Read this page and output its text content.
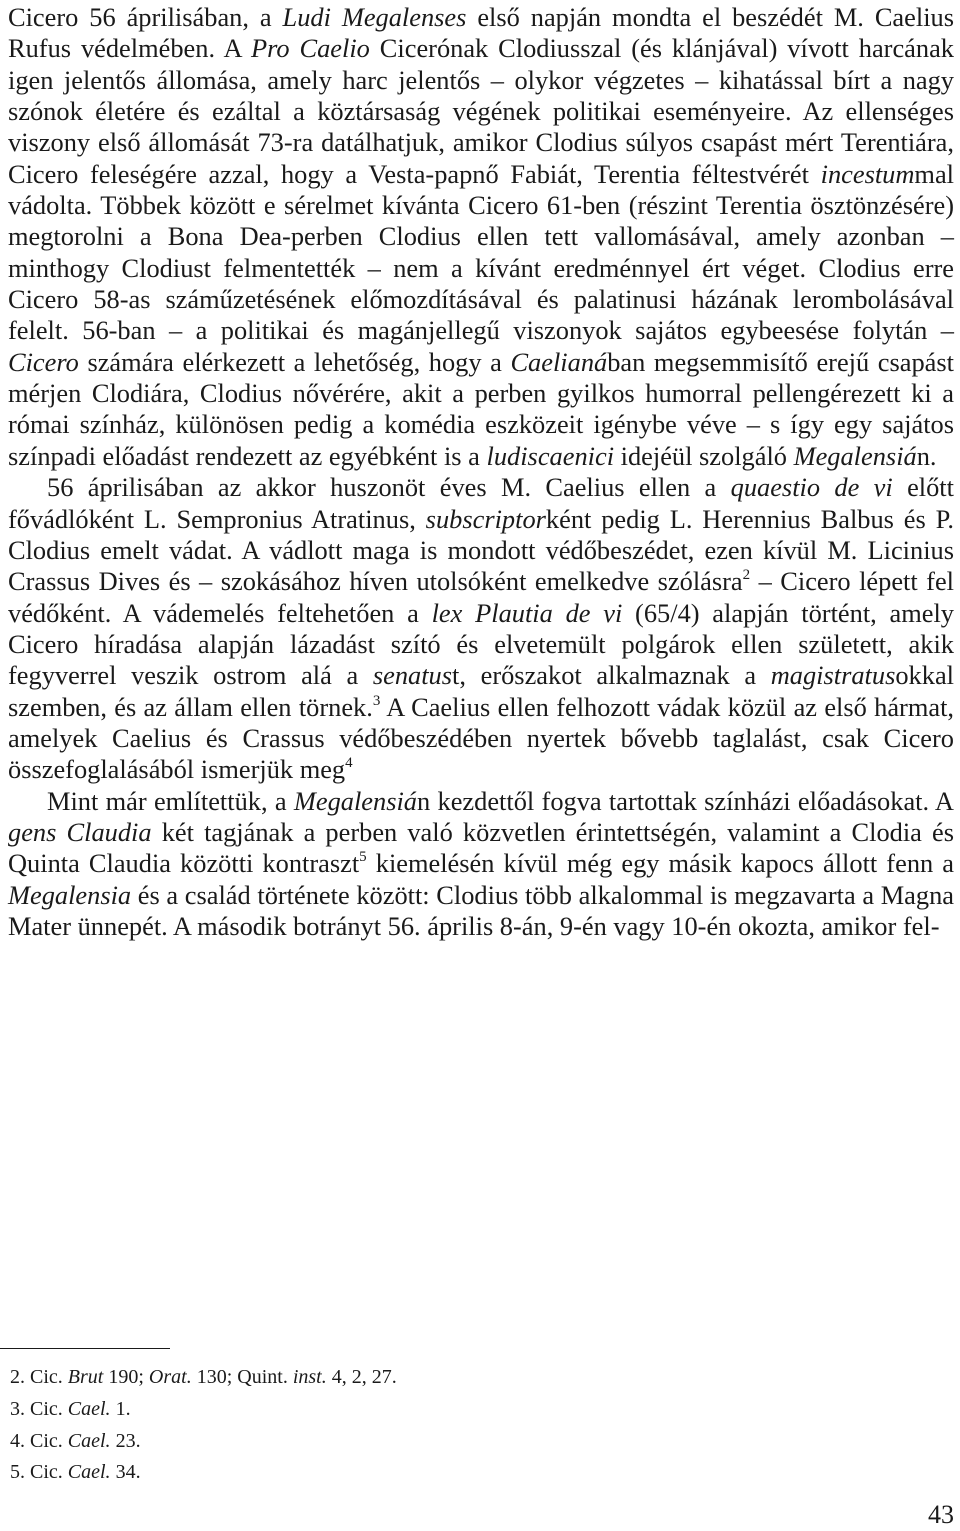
Cicero 56 áprilisában, a Ludi Megalenses első napján mondta el beszédét M. Caelius Rufus védelmében. A Pro Caelio Cicerónak Clodiusszal (és klánjával) vívott harcának igen jelentős állomása, amely harc jelentős – olykor végzetes – kihatással bírt a nagy szónok életére és ezáltal a köztársaság végének politikai eseményeire. Az ellenséges viszony első állomását 73-ra datálhatjuk, amikor Clodius súlyos csapást mért Terentiára, Cicero feleségére azzal, hogy a Vesta-papnő Fabiát, Terentia féltestvérét incestummal vádolta. Többek között e sérelmet kívánta Cicero 61-ben (részint Terentia ösztönzésére) megtorolni a Bona Dea-perben Clodius ellen tett vallomásával, amely azonban – minthogy Clodiust felmentették – nem a kívánt eredménnyel ért véget. Clodius erre Cicero 58-as száműzetésének előmozdításával és palatinusi házának lerombolásával felelt. 56-ban – a politikai és magánjellegű viszonyok sajátos egybeesése folytán – Cicero számára elérkezett a lehetőség, hogy a Caelianában megsemmisítő erejű csapást mérjen Clodiára, Clodius nővérére, akit a perben gyilkos humorral pellengérezett ki a római színház, különösen pedig a komédia eszközeit igénybe véve – s így egy sajátos színpadi előadást rendezett az egyébként is a ludiscaenici idejéül szolgáló Megalensián.

56 áprilisában az akkor huszonöt éves M. Caelius ellen a quaestio de vi előtt fővádlóként L. Sempronius Atratinus, subscriptorként pedig L. Herennius Balbus és P. Clodius emelt vádat. A vádlott maga is mondott védőbeszédet, ezen kívül M. Licinius Crassus Dives és – szokásához híven utolsóként emelkedve szólásra$^2$ – Cicero lépett fel védőként. A vádemelés feltehetően a lex Plautia de vi (65/4) alapján történt, amely Cicero híradása alapján lázadást szító és elvetemült polgárok ellen született, akik fegyverrel veszik ostrom alá a senatust, erőszakot alkalmaznak a magistratusokkal szemben, és az állam ellen törnek.$^3$ A Caelius ellen felhozott vádak közül az első hármat, amelyek Caelius és Crassus védőbeszédében nyertek bővebb taglalást, csak Cicero összefoglalásából ismerjük meg$^4$

Mint már említettük, a Megalensián kezdettől fogva tartottak színházi előadásokat. A gens Claudia két tagjának a perben való közvetlen érintettségén, valamint a Clodia és Quinta Claudia közötti kontraszt$^5$ kiemelésén kívül még egy másik kapocs állott fenn a Megalensia és a család története között: Clodius több alkalommal is megzavarta a Magna Mater ünnepét. A második botrányt 56. április 8-án, 9-én vagy 10-én okozta, amikor fel-

2. Cic. Brut 190; Orat. 130; Quint. inst. 4, 2, 27.

3. Cic. Cael. 1.

4. Cic. Cael. 23.

5. Cic. Cael. 34.

43
